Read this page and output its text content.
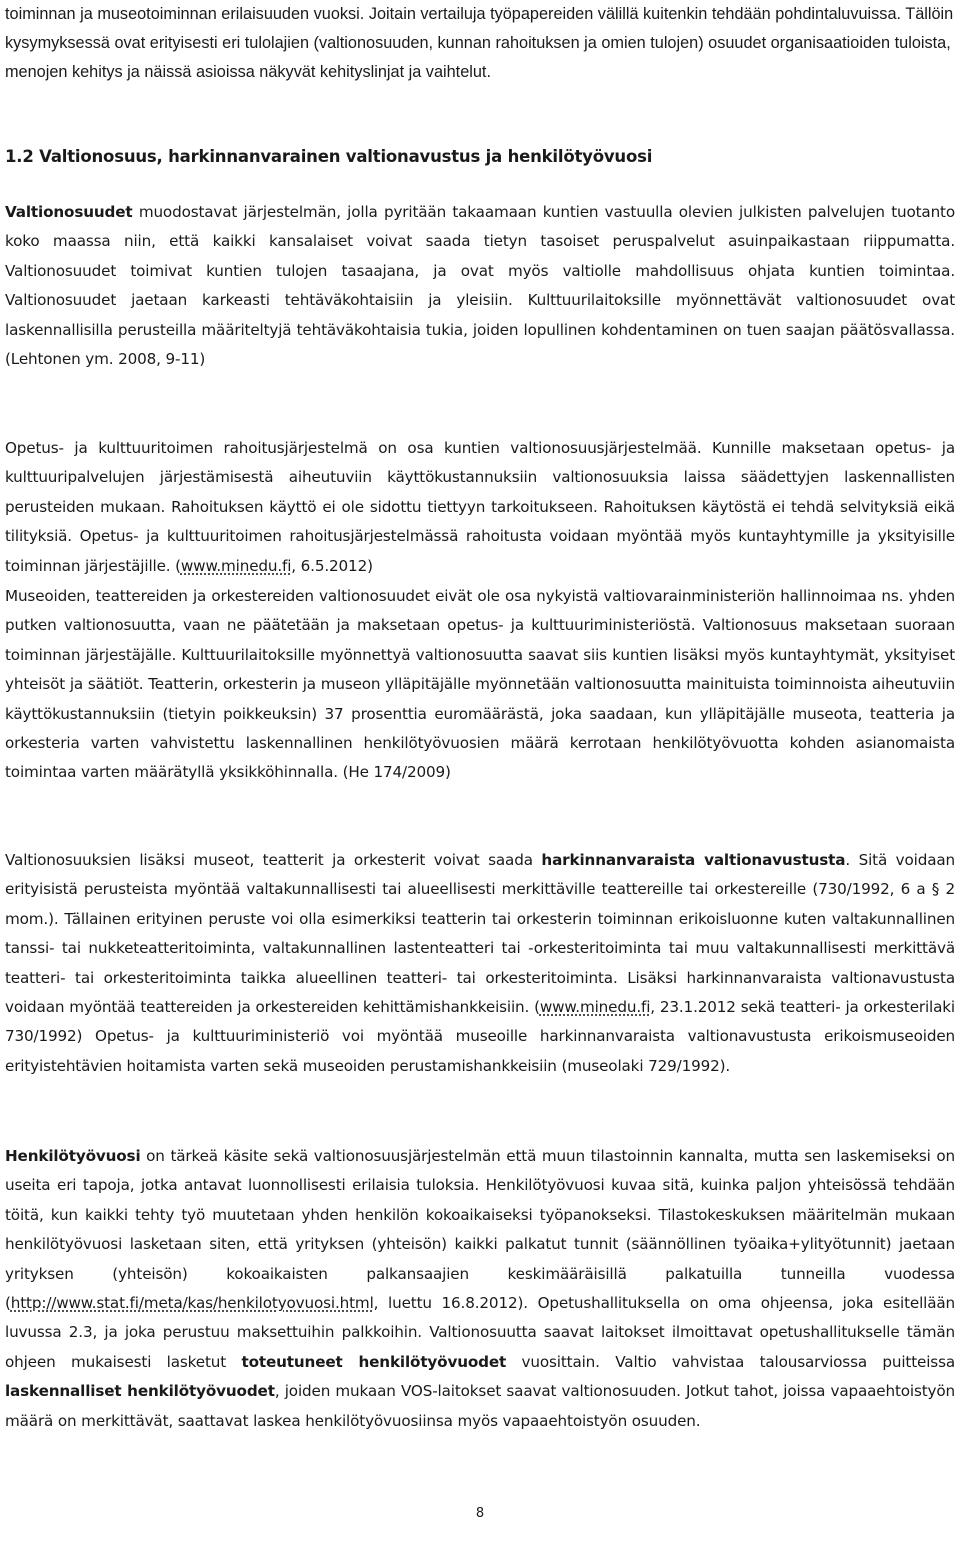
toiminnan ja museotoiminnan erilaisuuden vuoksi. Joitain vertailuja työpapereiden välillä kuitenkin tehdään pohdintaluvuissa. Tällöin kysymyksessä ovat erityisesti eri tulolajien (valtionosuuden, kunnan rahoituksen ja omien tulojen) osuudet organisaatioiden tuloista, menojen kehitys ja näissä asioissa näkyvät kehityslinjat ja vaihtelut.

1.2 Valtionosuus, harkinnanvarainen valtionavustus ja henkilötyövuosi

Valtionosuudet muodostavat järjestelmän, jolla pyritään takaamaan kuntien vastuulla olevien julkisten palvelujen tuotanto koko maassa niin, että kaikki kansalaiset voivat saada tietyn tasoiset peruspalvelut asuinpaikastaan riippumatta. Valtionosuudet toimivat kuntien tulojen tasaajana, ja ovat myös valtiolle mahdollisuus ohjata kuntien toimintaa. Valtionosuudet jaetaan karkeasti tehtäväkohtaisiin ja yleisiin. Kulttuurilaitoksille myönnettävät valtionosuudet ovat laskennallisilla perusteilla määriteltyjä tehtäväkohtaisia tukia, joiden lopullinen kohdentaminen on tuen saajan päätösvallassa. (Lehtonen ym. 2008, 9-11)

Opetus- ja kulttuuritoimen rahoitusjärjestelmä on osa kuntien valtionosuusjärjestelmää. Kunnille maksetaan opetus- ja kulttuuripalvelujen järjestämisestä aiheutuviin käyttökustannuksiin valtionosuuksia laissa säädettyjen laskennallisten perusteiden mukaan. Rahoituksen käyttö ei ole sidottu tiettyyn tarkoitukseen. Rahoituksen käytöstä ei tehdä selvityksiä eikä tilityksiä. Opetus- ja kulttuuritoimen rahoitusjärjestelmässä rahoitusta voidaan myöntää myös kuntayhtymille ja yksityisille toiminnan järjestäjille. (www.minedu.fi, 6.5.2012)

Museoiden, teattereiden ja orkestereiden valtionosuudet eivät ole osa nykyistä valtiovarainministeriön hallinnoimaa ns. yhden putken valtionosuutta, vaan ne päätetään ja maksetaan opetus- ja kulttuuriministeriöstä. Valtionosuus maksetaan suoraan toiminnan järjestäjälle. Kulttuurilaitoksille myönnettyä valtionosuutta saavat siis kuntien lisäksi myös kuntayhtymät, yksityiset yhteisöt ja säätiöt. Teatterin, orkesterin ja museon ylläpitäjälle myönnetään valtionosuutta mainituista toiminnoista aiheutuviin käyttökustannuksiin (tietyin poikkeuksin) 37 prosenttia euromäärästä, joka saadaan, kun ylläpitäjälle museota, teatteria ja orkesteria varten vahvistettu laskennallinen henkilötyövuosien määrä kerrotaan henkilötyövuotta kohden asianomaista toimintaa varten määrätyllä yksikköhinnalla. (He 174/2009)

Valtionosuuksien lisäksi museot, teatterit ja orkesterit voivat saada harkinnanvaraista valtionavustusta. Sitä voidaan erityisistä perusteista myöntää valtakunnallisesti tai alueellisesti merkittäville teattereille tai orkestereille (730/1992, 6 a § 2 mom.). Tällainen erityinen peruste voi olla esimerkiksi teatterin tai orkesterin toiminnan erikoisluonne kuten valtakunnallinen tanssi- tai nukketeatteritoiminta, valtakunnallinen lastenteatteri tai -orkesteritoiminta tai muu valtakunnallisesti merkittävä teatteri- tai orkesteritoiminta taikka alueellinen teatteri- tai orkesteritoiminta. Lisäksi harkinnanvaraista valtionavustusta voidaan myöntää teattereiden ja orkestereiden kehittämishankkeisiin. (www.minedu.fi, 23.1.2012 sekä teatteri- ja orkesterilaki 730/1992) Opetus- ja kulttuuriministeriö voi myöntää museoille harkinnanvaraista valtionavustusta erikoismuseoiden erityistehtävien hoitamista varten sekä museoiden perustamishankkeisiin (museolaki 729/1992).

Henkilötyövuosi on tärkeä käsite sekä valtionosuusjärjestelmän että muun tilastoinnin kannalta, mutta sen laskemiseksi on useita eri tapoja, jotka antavat luonnollisesti erilaisia tuloksia. Henkilötyövuosi kuvaa sitä, kuinka paljon yhteisössä tehdään töitä, kun kaikki tehty työ muutetaan yhden henkilön kokoaikaiseksi työpanokseksi. Tilastokeskuksen määritelmän mukaan henkilötyövuosi lasketaan siten, että yrityksen (yhteisön) kaikki palkatut tunnit (säännöllinen työaika+ylityötunnit) jaetaan yrityksen (yhteisön) kokoaikaisten palkansaajien keskimääräisillä palkatuilla tunneilla vuodessa (http://www.stat.fi/meta/kas/henkilotyovuosi.html, luettu 16.8.2012). Opetushallituksella on oma ohjeensa, joka esitellään luvussa 2.3, ja joka perustuu maksettuihin palkkoihin. Valtionosuutta saavat laitokset ilmoittavat opetushallitukselle tämän ohjeen mukaisesti lasketut toteutuneet henkilötyövuodet vuosittain. Valtio vahvistaa talousarviossa puitteissa laskennalliset henkilötyövuodet, joiden mukaan VOS-laitokset saavat valtionosuuden. Jotkut tahot, joissa vapaaehtoistyön määrä on merkittävät, saattavat laskea henkilötyövuosiinsa myös vapaaehtoistyön osuuden.

8
